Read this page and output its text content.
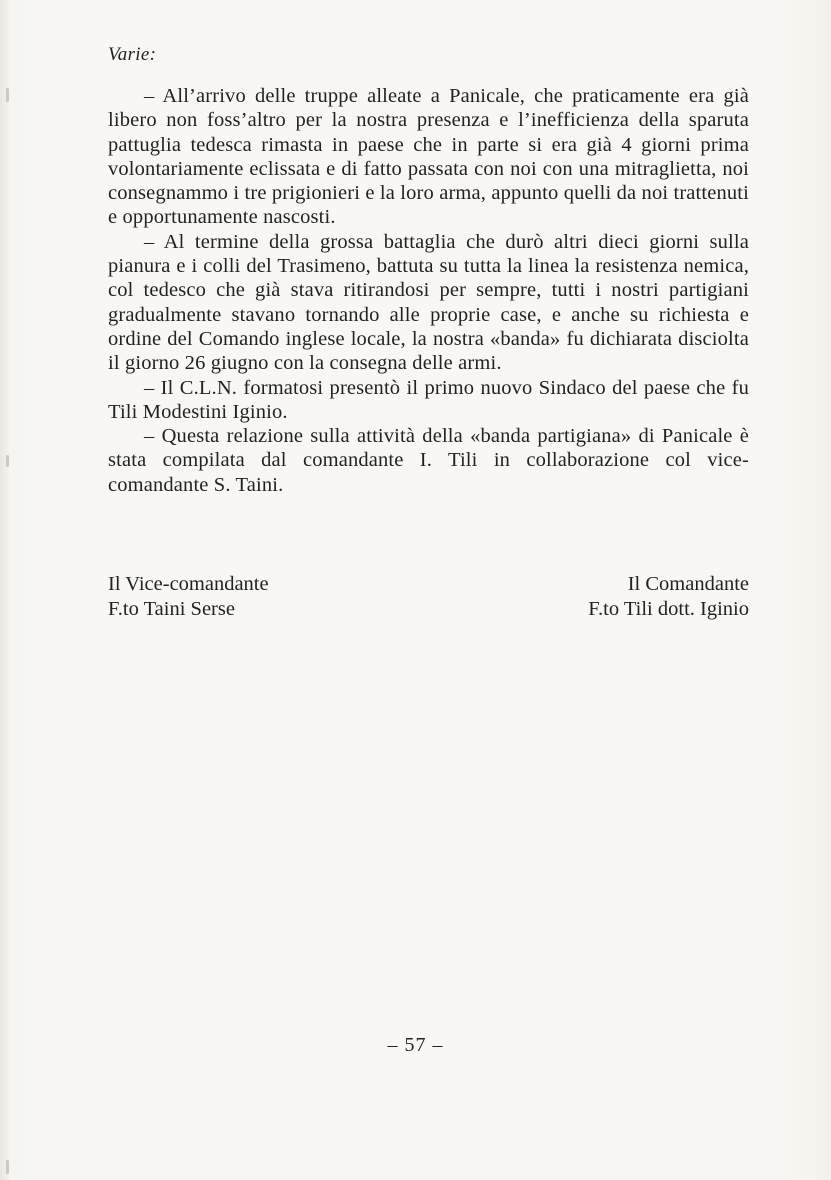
Varie:

– All’arrivo delle truppe alleate a Panicale, che praticamente era già libero non foss’altro per la nostra presenza e l’inefficienza della sparuta pattuglia tedesca rimasta in paese che in parte si era già 4 giorni prima volontariamente eclissata e di fatto passata con noi con una mitraglietta, noi consegnammo i tre prigionieri e la loro arma, appunto quelli da noi trattenuti e opportunamente nascosti.

– Al termine della grossa battaglia che durò altri dieci giorni sulla pianura e i colli del Trasimeno, battuta su tutta la linea la resistenza nemica, col tedesco che già stava ritirandosi per sempre, tutti i nostri partigiani gradualmente stavano tornando alle proprie case, e anche su richiesta e ordine del Comando inglese locale, la nostra «banda» fu dichiarata disciolta il giorno 26 giugno con la consegna delle armi.

– Il C.L.N. formatosi presentò il primo nuovo Sindaco del paese che fu Tili Modestini Iginio.

– Questa relazione sulla attività della «banda partigiana» di Panicale è stata compilata dal comandante I. Tili in collaborazione col vice-comandante S. Taini.

Il Vice-comandante
F.to Taini Serse
Il Comandante
F.to Tili dott. Iginio
– 57 –
